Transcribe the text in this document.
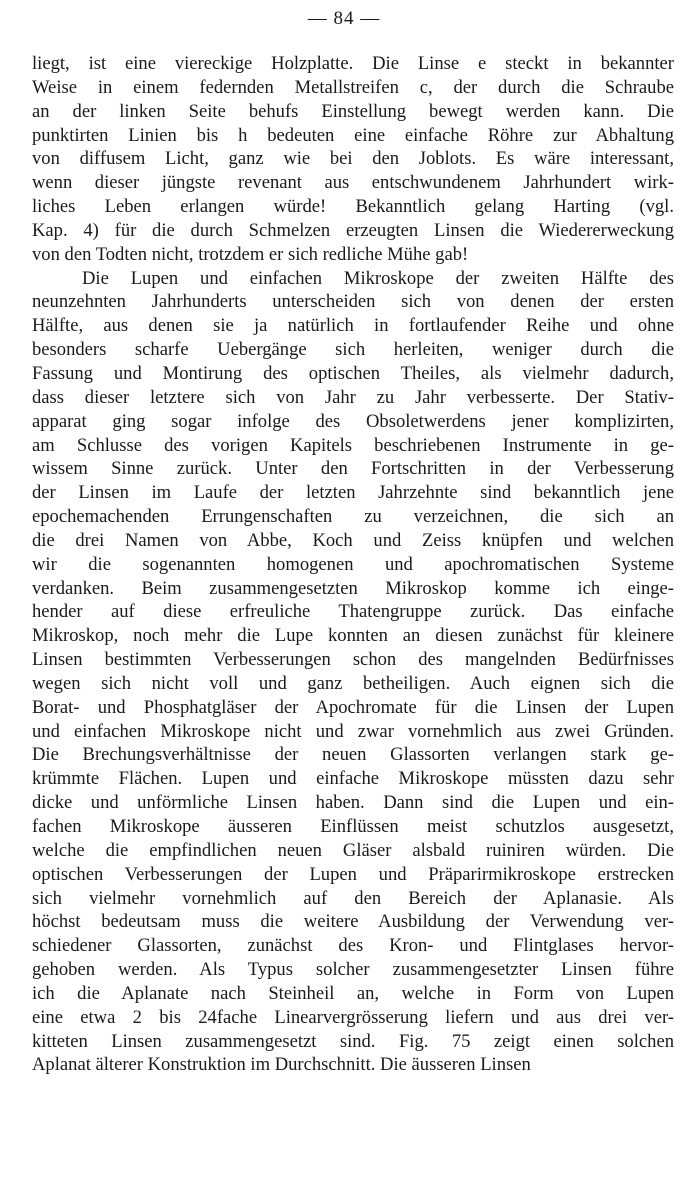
— 84 —
liegt, ist eine viereckige Holzplatte. Die Linse e steckt in bekannter
Weise in einem federnden Metallstreifen c, der durch die Schraube
an der linken Seite behufs Einstellung bewegt werden kann. Die
punktirten Linien bis h bedeuten eine einfache Röhre zur Abhaltung
von diffusem Licht, ganz wie bei den Joblots. Es wäre interessant,
wenn dieser jüngste revenant aus entschwundenem Jahrhundert wirk-
liches Leben erlangen würde! Bekanntlich gelang Harting (vgl.
Kap. 4) für die durch Schmelzen erzeugten Linsen die Wiedererweckung
von den Todten nicht, trotzdem er sich redliche Mühe gab!
Die Lupen und einfachen Mikroskope der zweiten Hälfte des
neunzehnten Jahrhunderts unterscheiden sich von denen der ersten
Hälfte, aus denen sie ja natürlich in fortlaufender Reihe und ohne
besonders scharfe Uebergänge sich herleiten, weniger durch die
Fassung und Montirung des optischen Theiles, als vielmehr dadurch,
dass dieser letztere sich von Jahr zu Jahr verbesserte. Der Stativ-
apparat ging sogar infolge des Obsoletwerdens jener komplizirten,
am Schlusse des vorigen Kapitels beschriebenen Instrumente in ge-
wissem Sinne zurück. Unter den Fortschritten in der Verbesserung
der Linsen im Laufe der letzten Jahrzehnte sind bekanntlich jene
epochemachenden Errungenschaften zu verzeichnen, die sich an
die drei Namen von Abbe, Koch und Zeiss knüpfen und welchen
wir die sogenannten homogenen und apochromatischen Systeme
verdanken. Beim zusammengesetzten Mikroskop komme ich einge-
hender auf diese erfreuliche Thatengruppe zurück. Das einfache
Mikroskop, noch mehr die Lupe konnten an diesen zunächst für kleinere
Linsen bestimmten Verbesserungen schon des mangelnden Bedürfnisses
wegen sich nicht voll und ganz betheiligen. Auch eignen sich die
Borat- und Phosphatgläser der Apochromate für die Linsen der Lupen
und einfachen Mikroskope nicht und zwar vornehmlich aus zwei Gründen.
Die Brechungsverhältnisse der neuen Glassorten verlangen stark ge-
krümmte Flächen. Lupen und einfache Mikroskope müssten dazu sehr
dicke und unförmliche Linsen haben. Dann sind die Lupen und ein-
fachen Mikroskope äusseren Einflüssen meist schutzlos ausgesetzt,
welche die empfindlichen neuen Gläser alsbald ruiniren würden. Die
optischen Verbesserungen der Lupen und Präparirmikroskope erstrecken
sich vielmehr vornehmlich auf den Bereich der Aplanasie. Als
höchst bedeutsam muss die weitere Ausbildung der Verwendung ver-
schiedener Glassorten, zunächst des Kron- und Flintglases hervor-
gehoben werden. Als Typus solcher zusammengesetzter Linsen führe
ich die Aplanate nach Steinheil an, welche in Form von Lupen
eine etwa 2 bis 24fache Linearvergrösserung liefern und aus drei ver-
kitteten Linsen zusammengesetzt sind. Fig. 75 zeigt einen solchen
Aplanat älterer Konstruktion im Durchschnitt. Die äusseren Linsen
